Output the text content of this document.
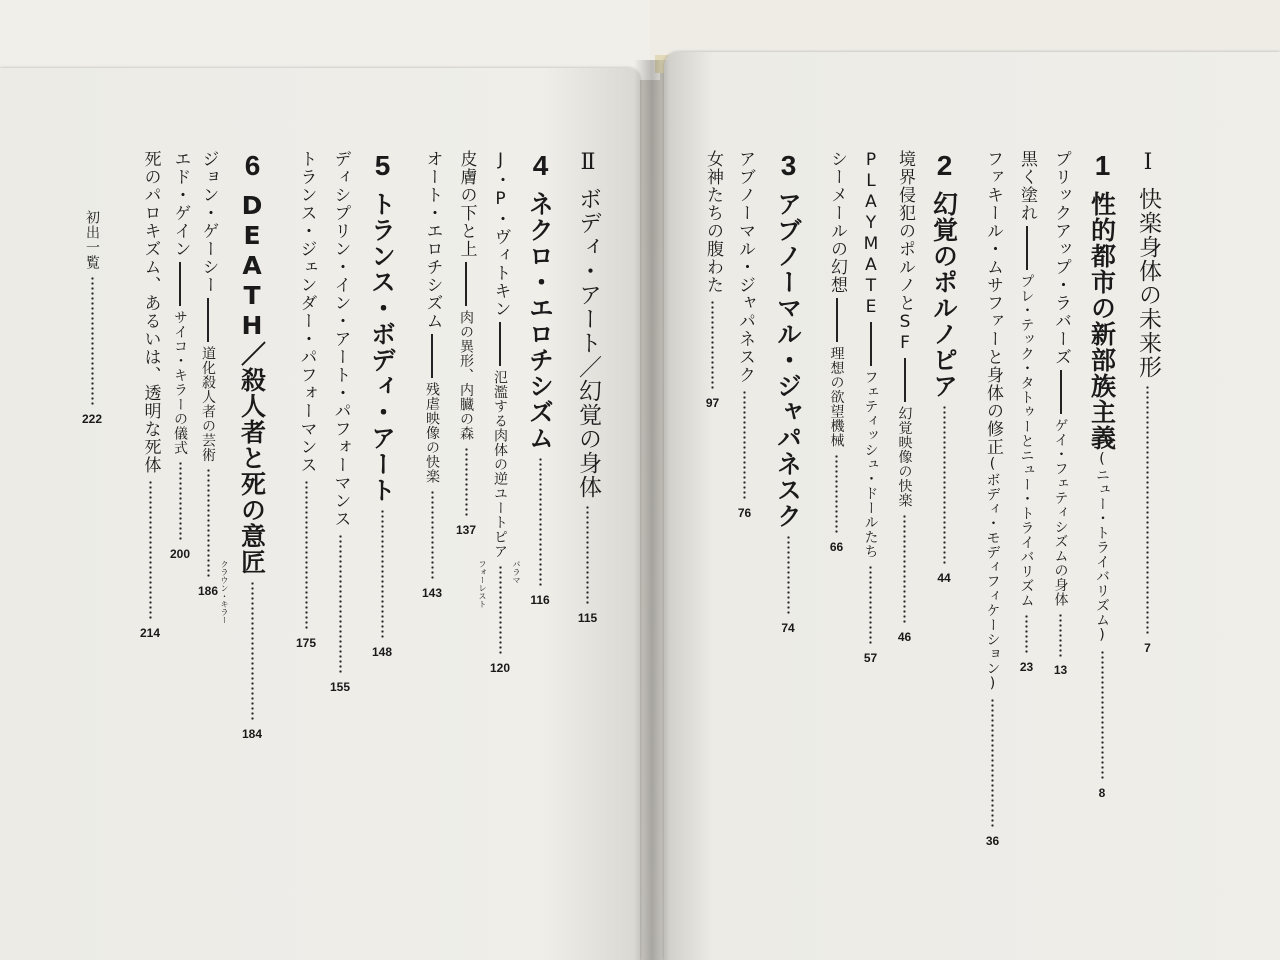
Ⅰ
快楽身体の未来形
7
1
性的都市の新部族主義
(ニュー・トライバリズム)
8
プリックアップ・ラバーズ
ゲイ・フェティシズムの身体
13
黒く塗れ
プレ・テック・タトゥーとニュー・トライバリズム
23
ファキール・ムサファーと身体の修正
(ボディ・モディフィケーション)
36
2
幻覚のポルノピア
44
境界侵犯のポルノとSF
幻覚映像の快楽
46
PLAYMATE
フェティッシュ・ドールたち
57
シーメールの幻想
理想の欲望機械
66
3
アブノーマル・ジャパネスク
74
アブノーマル・ジャパネスク
76
女神たちの腹わた
97
Ⅱ
ボディ・アート／幻覚の身体
115
4
ネクロ・エロチシズム
116
J・P・ヴィトキン
氾濫する肉体の逆ユートピア
120
皮膚の下と上
肉の異形、内臓の森
137
オート・エロチシズム
残虐映像の快楽
143
5
トランス・ボディ・アート
148
ディシプリン・イン・アート・パフォーマンス
155
トランス・ジェンダー・パフォーマンス
175
6
DEATH／殺人者と死の意匠
184
ジョン・ゲーシー
道化殺人者の芸術
186
エド・ゲイン
サイコ・キラーの儀式
200
死のパロキズム、あるいは、透明な死体
214
初出一覧
222
パラマ
フォーレスト
クラウン・キラー
